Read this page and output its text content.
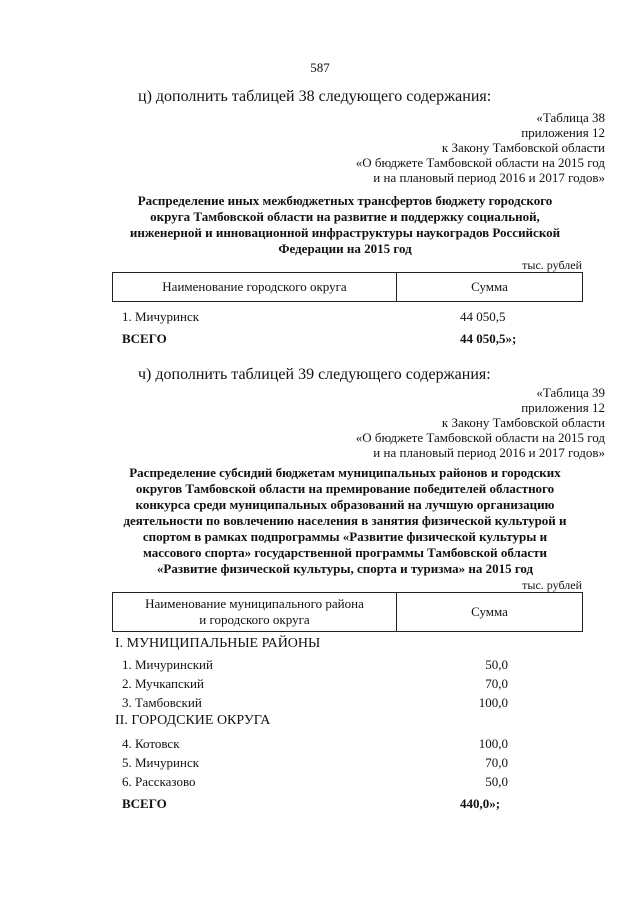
587
ц) дополнить таблицей 38 следующего содержания:
«Таблица 38
приложения 12
к Закону Тамбовской области
«О бюджете Тамбовской области на 2015 год
и на плановый период 2016 и 2017 годов»
Распределение иных межбюджетных трансфертов бюджету городского
округа Тамбовской области на развитие и поддержку социальной,
инженерной и инновационной инфраструктуры наукоградов Российской
Федерации на 2015 год
тыс. рублей
Наименование городского округа	Сумма
1. Мичуринск	44 050,5
ВСЕГО	44 050,5»;
ч) дополнить таблицей 39 следующего содержания:
«Таблица 39
приложения 12
к Закону Тамбовской области
«О бюджете Тамбовской области на 2015 год
и на плановый период 2016 и 2017 годов»
Распределение субсидий бюджетам муниципальных районов и городских
округов Тамбовской области на премирование победителей областного
конкурса среди муниципальных образований на лучшую организацию
деятельности по вовлечению населения в занятия физической культурой и
спортом в рамках подпрограммы «Развитие физической культуры и
массового спорта» государственной программы Тамбовской области
«Развитие физической культуры, спорта и туризма» на 2015 год
тыс. рублей
Наименование муниципального района
и городского округа
Сумма
I. МУНИЦИПАЛЬНЫЕ РАЙОНЫ
1. Мичуринский	50,0
2. Мучкапский	70,0
3. Тамбовский	100,0
II. ГОРОДСКИЕ ОКРУГА
4. Котовск	100,0
5. Мичуринск	70,0
6. Рассказово	50,0
ВСЕГО	440,0»;
